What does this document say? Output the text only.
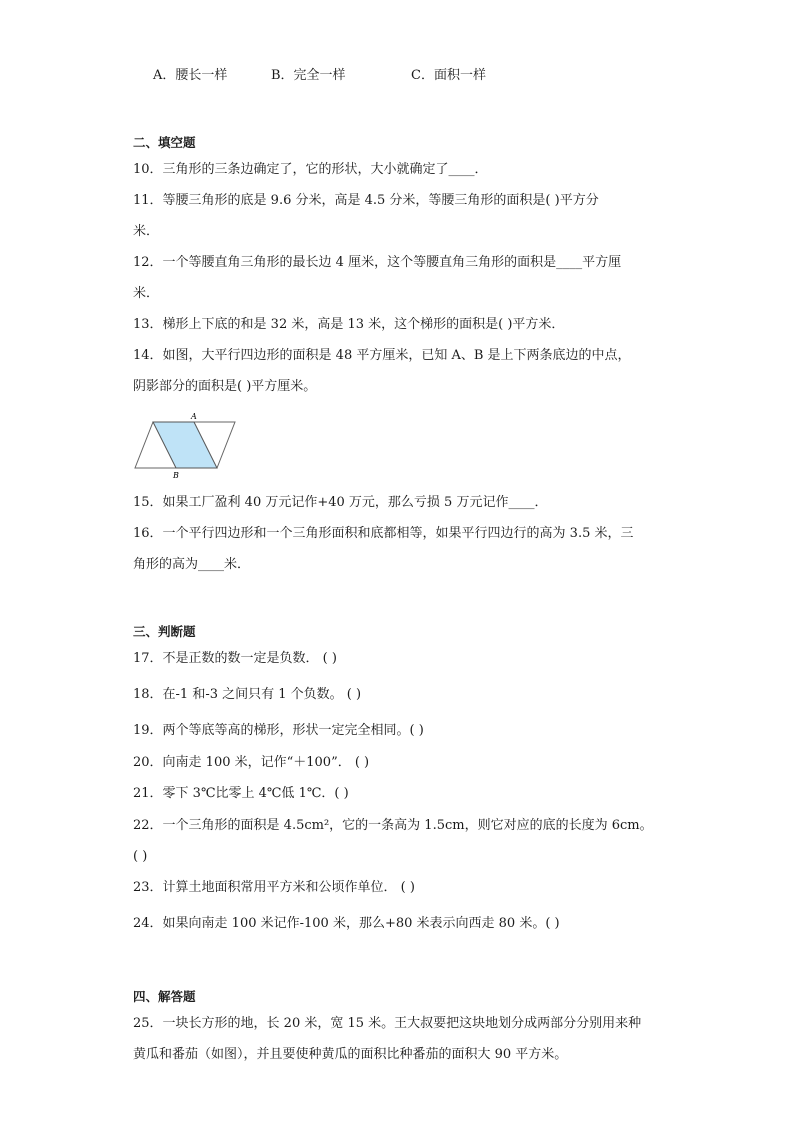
A．腰长一样	B．完全一样	C．面积一样
二、填空题
10．三角形的三条边确定了，它的形状，大小就确定了____．
11．等腰三角形的底是 9.6 分米，高是 4.5 分米，等腰三角形的面积是( )平方分
米．
12．一个等腰直角三角形的最长边 4 厘米，这个等腰直角三角形的面积是____平方厘
米．
13．梯形上下底的和是 32 米，高是 13 米，这个梯形的面积是( )平方米．
14．如图，大平行四边形的面积是 48 平方厘米，已知 A、B 是上下两条底边的中点，
阴影部分的面积是( )平方厘米。
A
B
15．如果工厂盈利 40 万元记作+40 万元，那么亏损 5 万元记作____．
16．一个平行四边形和一个三角形面积和底都相等，如果平行四边行的高为 3.5 米，三
角形的高为____米．
三、判断题
17．不是正数的数一定是负数． ( )
18．在-1 和-3 之间只有 1 个负数。 ( )
19．两个等底等高的梯形，形状一定完全相同。( )
20．向南走 100 米，记作“＋100”． ( )
21．零下 3℃比零上 4℃低 1℃．( )
22．一个三角形的面积是 4.5cm²，它的一条高为 1.5cm，则它对应的底的长度为 6cm。
( )
23．计算土地面积常用平方米和公顷作单位． ( )
24．如果向南走 100 米记作-100 米，那么+80 米表示向西走 80 米。( )
四、解答题
25．一块长方形的地，长 20 米，宽 15 米。王大叔要把这块地划分成两部分分别用来种
黄瓜和番茄（如图），并且要使种黄瓜的面积比种番茄的面积大 90 平方米。
